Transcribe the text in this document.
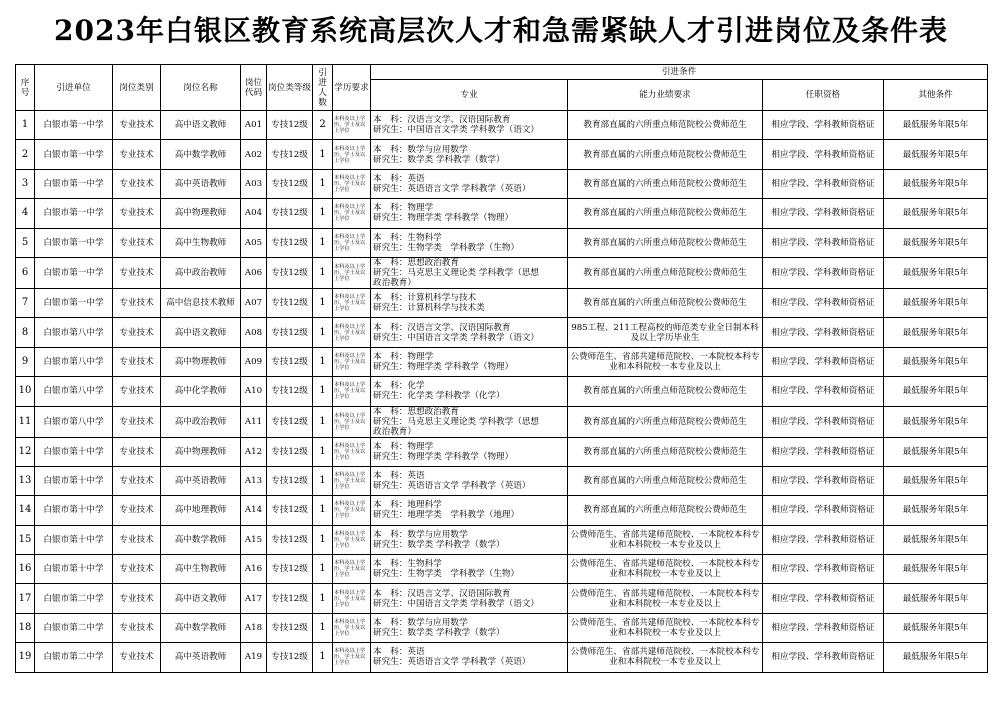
2023年白银区教育系统高层次人才和急需紧缺人才引进岗位及条件表
序号	引进单位	岗位类别	岗位名称	岗位代码	岗位类等级	引进人数	学历要求	引进条件			
								专业	能力业绩要求	任职资格	其他条件
1	白银市第一中学	专业技术	高中语文教师	A01	专技12级	2	本科及以上学历，学士及以上学位	本　科：汉语言文学、汉语国际教育
研究生：中国语言文学类 学科教学（语文）	教育部直属的六所重点师范院校公费师范生	相应学段、学科教师资格证	最低服务年限5年
2	白银市第一中学	专业技术	高中数学教师	A02	专技12级	1	本科及以上学历，学士及以上学位	本　科：数学与应用数学
研究生：数学类 学科教学（数学）	教育部直属的六所重点师范院校公费师范生	相应学段、学科教师资格证	最低服务年限5年
3	白银市第一中学	专业技术	高中英语教师	A03	专技12级	1	本科及以上学历，学士及以上学位	本　科：英语
研究生：英语语言文学 学科教学（英语）	教育部直属的六所重点师范院校公费师范生	相应学段、学科教师资格证	最低服务年限5年
4	白银市第一中学	专业技术	高中物理教师	A04	专技12级	1	本科及以上学历，学士及以上学位	本　科：物理学
研究生：物理学类 学科教学（物理）	教育部直属的六所重点师范院校公费师范生	相应学段、学科教师资格证	最低服务年限5年
5	白银市第一中学	专业技术	高中生物教师	A05	专技12级	1	本科及以上学历，学士及以上学位	本　科：生物科学
研究生：生物学类　学科教学（生物）	教育部直属的六所重点师范院校公费师范生	相应学段、学科教师资格证	最低服务年限5年
6	白银市第一中学	专业技术	高中政治教师	A06	专技12级	1	本科及以上学历，学士及以上学位	本　科：思想政治教育
研究生：马克思主义理论类 学科教学（思想
政治教育）	教育部直属的六所重点师范院校公费师范生	相应学段、学科教师资格证	最低服务年限5年
7	白银市第一中学	专业技术	高中信息技术教师	A07	专技12级	1	本科及以上学历，学士及以上学位	本　科：计算机科学与技术
研究生：计算机科学与技术类	教育部直属的六所重点师范院校公费师范生	相应学段、学科教师资格证	最低服务年限5年
8	白银市第八中学	专业技术	高中语文教师	A08	专技12级	1	本科及以上学历，学士及以上学位	本　科：汉语言文学、汉语国际教育
研究生：中国语言文学类 学科教学（语文）	985工程、211工程高校的师范类专业全日制本科及以上学历毕业生	相应学段、学科教师资格证	最低服务年限5年
9	白银市第八中学	专业技术	高中物理教师	A09	专技12级	1	本科及以上学历，学士及以上学位	本　科：物理学
研究生：物理学类 学科教学（物理）	公费师范生、省部共建师范院校、一本院校本科专业和本科院校一本专业及以上	相应学段、学科教师资格证	最低服务年限5年
10	白银市第八中学	专业技术	高中化学教师	A10	专技12级	1	本科及以上学历，学士及以上学位	本　科：化学
研究生：化学类 学科教学（化学）	教育部直属的六所重点师范院校公费师范生	相应学段、学科教师资格证	最低服务年限5年
11	白银市第八中学	专业技术	高中政治教师	A11	专技12级	1	本科及以上学历，学士及以上学位	本　科：思想政治教育
研究生：马克思主义理论类 学科教学（思想
政治教育）	教育部直属的六所重点师范院校公费师范生	相应学段、学科教师资格证	最低服务年限5年
12	白银市第十中学	专业技术	高中物理教师	A12	专技12级	1	本科及以上学历，学士及以上学位	本　科：物理学
研究生：物理学类 学科教学（物理）	教育部直属的六所重点师范院校公费师范生	相应学段、学科教师资格证	最低服务年限5年
13	白银市第十中学	专业技术	高中英语教师	A13	专技12级	1	本科及以上学历，学士及以上学位	本　科：英语
研究生：英语语言文学 学科教学（英语）	教育部直属的六所重点师范院校公费师范生	相应学段、学科教师资格证	最低服务年限5年
14	白银市第十中学	专业技术	高中地理教师	A14	专技12级	1	本科及以上学历，学士及以上学位	本　科：地理科学
研究生：地理学类　学科教学（地理）	教育部直属的六所重点师范院校公费师范生	相应学段、学科教师资格证	最低服务年限5年
15	白银市第十中学	专业技术	高中数学教师	A15	专技12级	1	本科及以上学历，学士及以上学位	本　科：数学与应用数学
研究生：数学类 学科教学（数学）	公费师范生、省部共建师范院校、一本院校本科专业和本科院校一本专业及以上	相应学段、学科教师资格证	最低服务年限5年
16	白银市第十中学	专业技术	高中生物教师	A16	专技12级	1	本科及以上学历，学士及以上学位	本　科：生物科学
研究生：生物学类　学科教学（生物）	公费师范生、省部共建师范院校、一本院校本科专业和本科院校一本专业及以上	相应学段、学科教师资格证	最低服务年限5年
17	白银市第二中学	专业技术	高中语文教师	A17	专技12级	1	本科及以上学历，学士及以上学位	本　科：汉语言文学、汉语国际教育
研究生：中国语言文学类 学科教学（语文）	公费师范生、省部共建师范院校、一本院校本科专业和本科院校一本专业及以上	相应学段、学科教师资格证	最低服务年限5年
18	白银市第二中学	专业技术	高中数学教师	A18	专技12级	1	本科及以上学历，学士及以上学位	本　科：数学与应用数学
研究生：数学类 学科教学（数学）	公费师范生、省部共建师范院校、一本院校本科专业和本科院校一本专业及以上	相应学段、学科教师资格证	最低服务年限5年
19	白银市第二中学	专业技术	高中英语教师	A19	专技12级	1	本科及以上学历，学士及以上学位	本　科：英语
研究生：英语语言文学 学科教学（英语）	公费师范生、省部共建师范院校、一本院校本科专业和本科院校一本专业及以上	相应学段、学科教师资格证	最低服务年限5年
